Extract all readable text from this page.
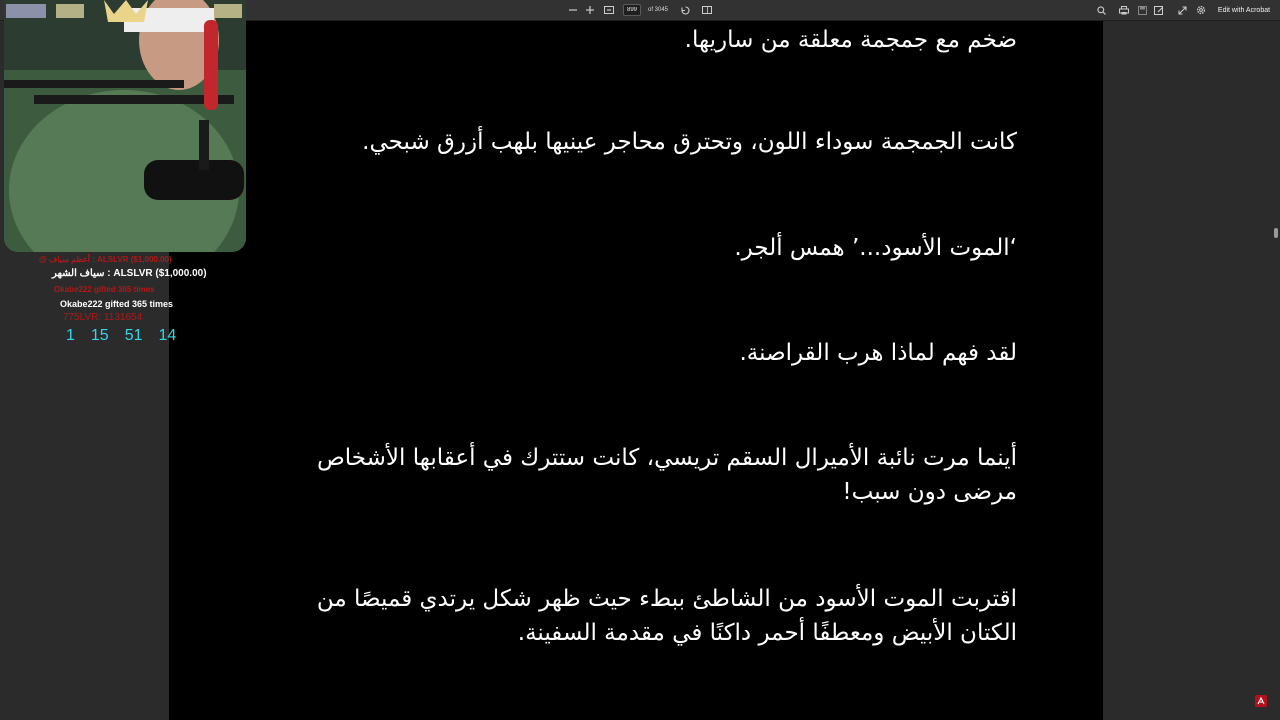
899
of 3045	Edit with Acrobat
ضخم مع جمجمة معلقة من ساريها.
كانت الجمجمة سوداء اللون، وتحترق محاجر عينيها بلهب أزرق شبحي.
‘الموت الأسود...’ همس ألجر.
لقد فهم لماذا هرب القراصنة.
أينما مرت نائبة الأميرال السقم تريسي، كانت ستترك في أعقابها الأشخاص مرضى دون سبب!
اقتربت الموت الأسود من الشاطئ ببطء حيث ظهر شكل يرتدي قميصًا من الكتان الأبيض ومعطفًا أحمر داكنًا في مقدمة السفينة.
@ أعظم سياف : ALSLVR ($1,000.00)
سياف الشهر : ALSLVR ($1,000.00)
Okabe222 gifted 365 times
Okabe222 gifted 365 times
775LVR: 1131654
1 15 51 14
